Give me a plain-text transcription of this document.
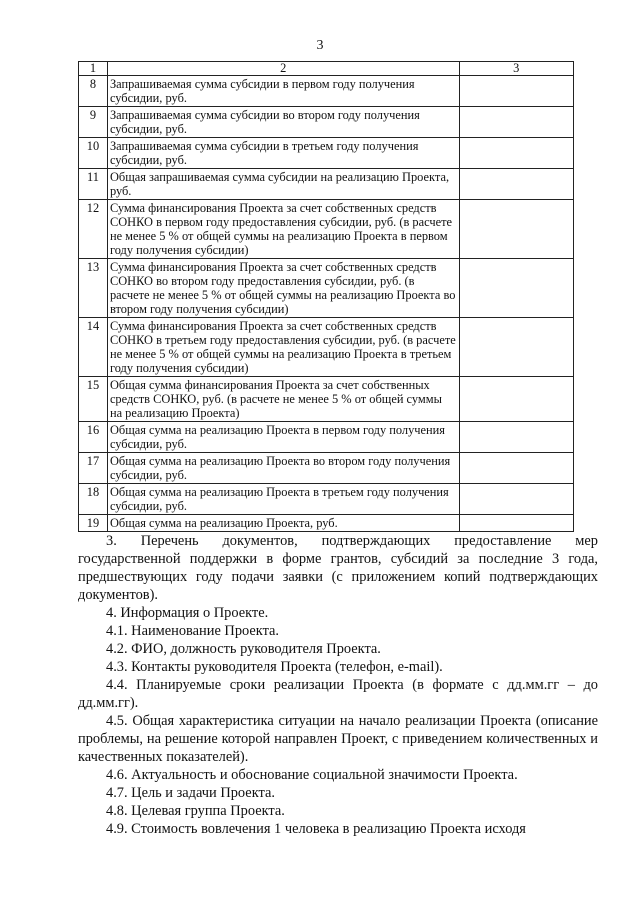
3
1	2	3
8	Запрашиваемая сумма субсидии в первом году получения субсидии, руб.	
9	Запрашиваемая сумма субсидии во втором году получения субсидии, руб.	
10	Запрашиваемая сумма субсидии в третьем году получения субсидии, руб.	
11	Общая запрашиваемая сумма субсидии на реализацию Проекта, руб.	
12	Сумма финансирования Проекта за счет собственных средств СОНКО в первом году предоставления субсидии, руб. (в расчете не менее 5 % от общей суммы на реализацию Проекта в первом году получения субсидии)	
13	Сумма финансирования Проекта за счет собственных средств СОНКО во втором году предоставления субсидии, руб. (в расчете не менее 5 % от общей суммы на реализацию Проекта во втором году получения субсидии)	
14	Сумма финансирования Проекта за счет собственных средств СОНКО в третьем году предоставления субсидии, руб. (в расчете не менее 5 % от общей суммы на реализацию Проекта в третьем году получения субсидии)	
15	Общая сумма финансирования Проекта за счет собственных средств СОНКО, руб. (в расчете не менее 5 % от общей суммы на реализацию Проекта)	
16	Общая сумма на реализацию Проекта в первом году получения субсидии, руб.	
17	Общая сумма на реализацию Проекта во втором году получения субсидии, руб.	
18	Общая сумма на реализацию Проекта в третьем году получения субсидии, руб.	
19	Общая сумма на реализацию Проекта, руб.	

3. Перечень документов, подтверждающих предоставление мер государственной поддержки в форме грантов, субсидий за последние 3 года, предшествующих году подачи заявки (с приложением копий подтверждающих документов).

4. Информация о Проекте.

4.1. Наименование Проекта.

4.2. ФИО, должность руководителя Проекта.

4.3. Контакты руководителя Проекта (телефон, e-mail).

4.4. Планируемые сроки реализации Проекта (в формате с дд.мм.гг – до дд.мм.гг).

4.5. Общая характеристика ситуации на начало реализации Проекта (описание проблемы, на решение которой направлен Проект, с приведением количественных и качественных показателей).

4.6. Актуальность и обоснование социальной значимости Проекта.

4.7. Цель и задачи Проекта.

4.8. Целевая группа Проекта.

4.9. Стоимость вовлечения 1 человека в реализацию Проекта исходя
